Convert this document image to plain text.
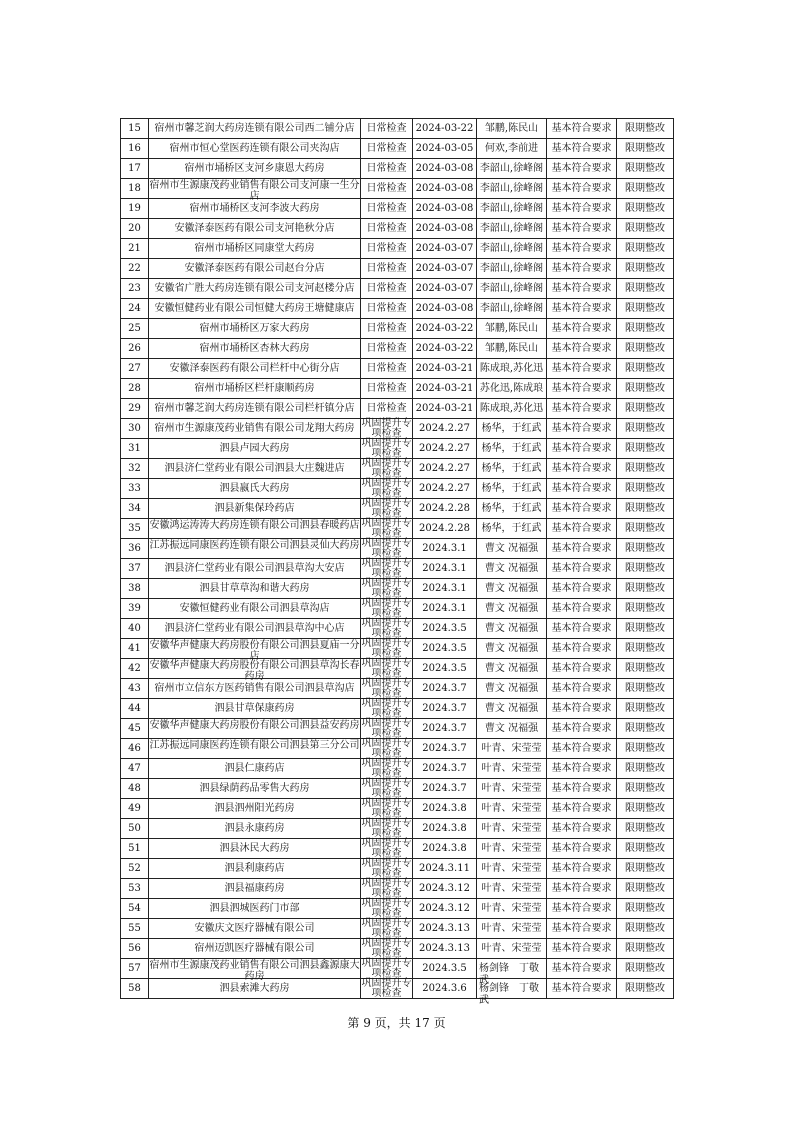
15	宿州市馨芝润大药房连锁有限公司西二铺分店	日常检查	2024-03-22	邹鹏,陈民山	基本符合要求	限期整改

16	宿州市恒心堂医药连锁有限公司夹沟店	日常检查	2024-03-05	何欢,李前进	基本符合要求	限期整改

17	宿州市埇桥区支河乡康恩大药房	日常检查	2024-03-08	李韶山,徐峰阁	基本符合要求	限期整改

18	宿州市生源康茂药业销售有限公司支河康一生分店	日常检查	2024-03-08	李韶山,徐峰阁	基本符合要求	限期整改

19	宿州市埇桥区支河李波大药房	日常检查	2024-03-08	李韶山,徐峰阁	基本符合要求	限期整改

20	安徽泽泰医药有限公司支河艳秋分店	日常检查	2024-03-08	李韶山,徐峰阁	基本符合要求	限期整改

21	宿州市埇桥区同康堂大药房	日常检查	2024-03-07	李韶山,徐峰阁	基本符合要求	限期整改

22	安徽泽泰医药有限公司赵台分店	日常检查	2024-03-07	李韶山,徐峰阁	基本符合要求	限期整改

23	安徽省广胜大药房连锁有限公司支河赵楼分店	日常检查	2024-03-07	李韶山,徐峰阁	基本符合要求	限期整改

24	安徽恒健药业有限公司恒健大药房王塘健康店	日常检查	2024-03-08	李韶山,徐峰阁	基本符合要求	限期整改

25	宿州市埇桥区万家大药房	日常检查	2024-03-22	邹鹏,陈民山	基本符合要求	限期整改

26	宿州市埇桥区杏林大药房	日常检查	2024-03-22	邹鹏,陈民山	基本符合要求	限期整改

27	安徽泽泰医药有限公司栏杆中心街分店	日常检查	2024-03-21	陈成琅,苏化迅	基本符合要求	限期整改

28	宿州市埇桥区栏杆康顺药房	日常检查	2024-03-21	苏化迅,陈成琅	基本符合要求	限期整改

29	宿州市馨芝润大药房连锁有限公司栏杆镇分店	日常检查	2024-03-21	陈成琅,苏化迅	基本符合要求	限期整改

30	宿州市生源康茂药业销售有限公司龙翔大药房	巩固提升专项检查	2024.2.27	杨华，于红武	基本符合要求	限期整改

31	泗县卢园大药房	巩固提升专项检查	2024.2.27	杨华，于红武	基本符合要求	限期整改

32	泗县济仁堂药业有限公司泗县大庄魏进店	巩固提升专项检查	2024.2.27	杨华，于红武	基本符合要求	限期整改

33	泗县嬴氏大药房	巩固提升专项检查	2024.2.27	杨华，于红武	基本符合要求	限期整改

34	泗县新集保玲药店	巩固提升专项检查	2024.2.28	杨华，于红武	基本符合要求	限期整改

35	安徽鸿运涛涛大药房连锁有限公司泗县春暖药店	巩固提升专项检查	2024.2.28	杨华，于红武	基本符合要求	限期整改

36	江苏振远同康医药连锁有限公司泗县灵仙大药房	巩固提升专项检查	2024.3.1	曹文 况福强	基本符合要求	限期整改

37	泗县济仁堂药业有限公司泗县草沟大安店	巩固提升专项检查	2024.3.1	曹文 况福强	基本符合要求	限期整改

38	泗县甘草草沟和谐大药房	巩固提升专项检查	2024.3.1	曹文 况福强	基本符合要求	限期整改

39	安徽恒健药业有限公司泗县草沟店	巩固提升专项检查	2024.3.1	曹文 况福强	基本符合要求	限期整改

40	泗县济仁堂药业有限公司泗县草沟中心店	巩固提升专项检查	2024.3.5	曹文 况福强	基本符合要求	限期整改

41	安徽华声健康大药房股份有限公司泗县夏庙一分店	巩固提升专项检查	2024.3.5	曹文 况福强	基本符合要求	限期整改

42	安徽华声健康大药房股份有限公司泗县草沟长春药房	巩固提升专项检查	2024.3.5	曹文 况福强	基本符合要求	限期整改

43	宿州市立信东方医药销售有限公司泗县草沟店	巩固提升专项检查	2024.3.7	曹文 况福强	基本符合要求	限期整改

44	泗县甘草保康药房	巩固提升专项检查	2024.3.7	曹文 况福强	基本符合要求	限期整改

45	安徽华声健康大药房股份有限公司泗县益安药房	巩固提升专项检查	2024.3.7	曹文 况福强	基本符合要求	限期整改

46	江苏振远同康医药连锁有限公司泗县第三分公司	巩固提升专项检查	2024.3.7	叶青、宋莹莹	基本符合要求	限期整改

47	泗县仁康药店	巩固提升专项检查	2024.3.7	叶青、宋莹莹	基本符合要求	限期整改

48	泗县绿荫药品零售大药房	巩固提升专项检查	2024.3.7	叶青、宋莹莹	基本符合要求	限期整改

49	泗县泗州阳光药房	巩固提升专项检查	2024.3.8	叶青、宋莹莹	基本符合要求	限期整改

50	泗县永康药房	巩固提升专项检查	2024.3.8	叶青、宋莹莹	基本符合要求	限期整改

51	泗县沐民大药房	巩固提升专项检查	2024.3.8	叶青、宋莹莹	基本符合要求	限期整改

52	泗县利康药店	巩固提升专项检查	2024.3.11	叶青、宋莹莹	基本符合要求	限期整改

53	泗县福康药房	巩固提升专项检查	2024.3.12	叶青、宋莹莹	基本符合要求	限期整改

54	泗县泗城医药门市部	巩固提升专项检查	2024.3.12	叶青、宋莹莹	基本符合要求	限期整改

55	安徽庆文医疗器械有限公司	巩固提升专项检查	2024.3.13	叶青、宋莹莹	基本符合要求	限期整改

56	宿州迈凯医疗器械有限公司	巩固提升专项检查	2024.3.13	叶青、宋莹莹	基本符合要求	限期整改

57	宿州市生源康茂药业销售有限公司泗县鑫源康大药房	巩固提升专项检查	2024.3.5	杨剑锋　丁敬武	基本符合要求	限期整改

58	泗县索滩大药房	巩固提升专项检查	2024.3.6	杨剑锋　丁敬武	基本符合要求	限期整改
第 9 页，共 17 页
